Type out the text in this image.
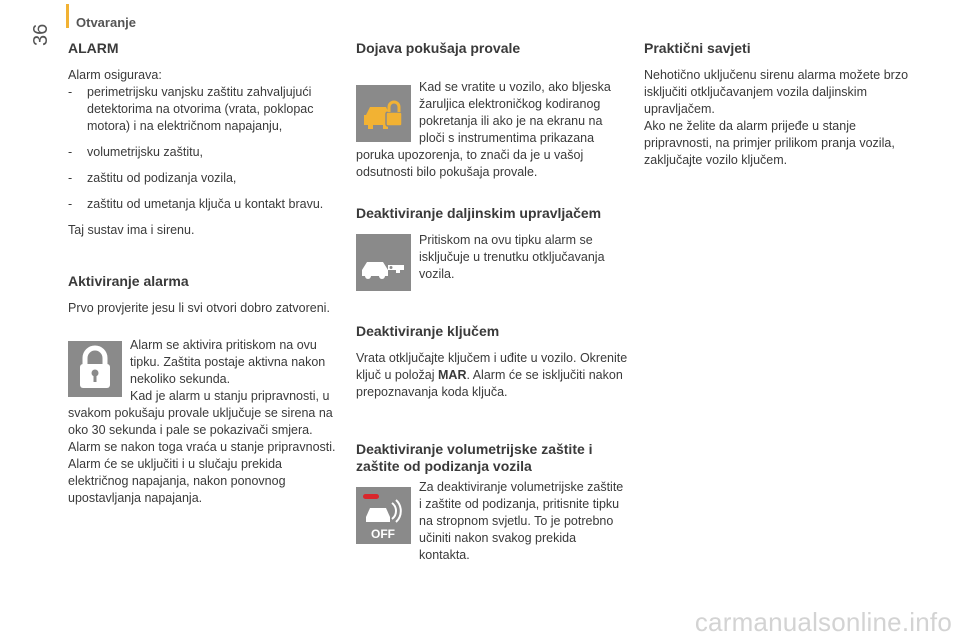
36
Otvaranje
ALARM

Alarm osigurava:

- perimetrijsku vanjsku zaštitu zahvaljujući detektorima na otvorima (vrata, poklopac motora) i na električnom napajanju,
- volumetrijsku zaštitu,
- zaštitu od podizanja vozila,
- zaštitu od umetanja ključa u kontakt bravu.

Taj sustav ima i sirenu.

Aktiviranje alarma

Prvo provjerite jesu li svi otvori dobro zatvoreni.

Alarm se aktivira pritiskom na ovu tipku. Zaštita postaje aktivna nakon nekoliko sekunda.

Kad je alarm u stanju pripravnosti, u svakom pokušaju provale uključuje se sirena na oko 30 sekunda i pale se pokazivači smjera.

Alarm se nakon toga vraća u stanje pripravnosti.

Alarm će se uključiti i u slučaju prekida električnog napajanja, nakon ponovnog upostavljanja napajanja.

Dojava pokušaja provale

Kad se vratite u vozilo, ako bljeska žaruljica elektroničkog kodiranog pokretanja ili ako je na ekranu na ploči s instrumentima prikazana poruka upozorenja, to znači da je u vašoj odsutnosti bilo pokušaja provale.

Deaktiviranje daljinskim upravljačem

Pritiskom na ovu tipku alarm se isključuje u trenutku otključavanja vozila.

Deaktiviranje ključem

Vrata otključajte ključem i uđite u vozilo. Okrenite ključ u položaj MAR. Alarm će se isključiti nakon prepoznavanja koda ključa.

Deaktiviranje volumetrijske zaštite i zaštite od podizanja vozila
OFF

Za deaktiviranje volumetrijske zaštite i zaštite od podizanja, pritisnite tipku na stropnom svjetlu. To je potrebno učiniti nakon svakog prekida kontakta.

Praktični savjeti

Nehotično uključenu sirenu alarma možete brzo isključiti otključavanjem vozila daljinskim upravljačem.

Ako ne želite da alarm prijeđe u stanje pripravnosti, na primjer prilikom pranja vozila, zaključajte vozilo ključem.

carmanualsonline.info
